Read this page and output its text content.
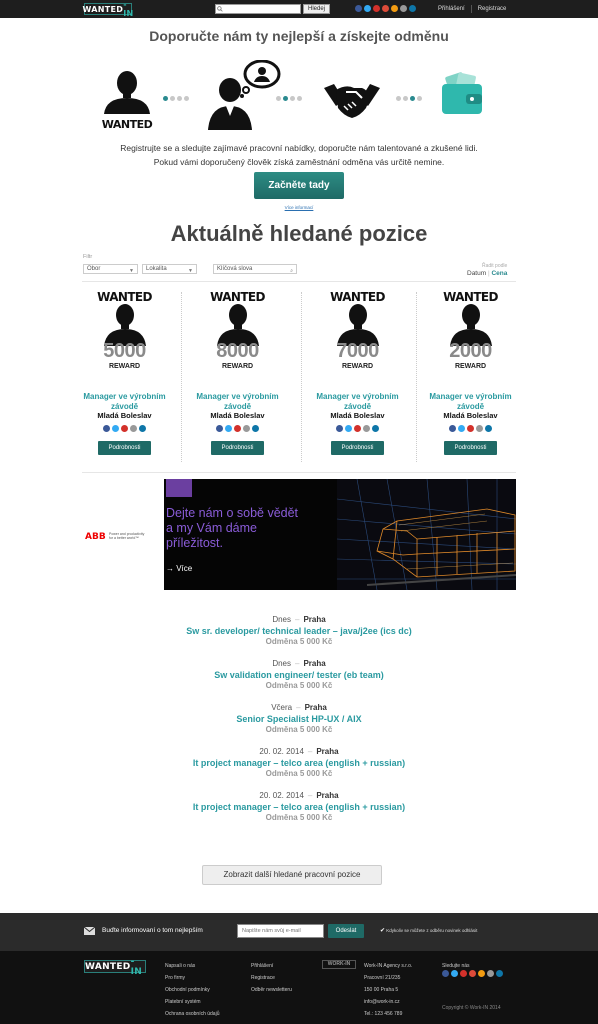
WANTED -IN	Hledej	Přihlášení Registrace
Doporučte nám ty nejlepší a získejte odměnu
WANTED
Registrujte se a sledujte zajímavé pracovní nabídky, doporučte nám talentované a zkušené lidi.
Pokud vámi doporučený člověk získá zaměstnání odměna vás určitě nemine.
Začněte tady
Více informací
Aktuálně hledané pozice
Filtr
Obor	▼	Lokalita	▼	Klíčová slova	⌕
Řadit podle
Datum | Cena
WANTED
5000
REWARD
Manager ve výrobním závodě
Mladá Boleslav
Podrobnosti
WANTED
8000
REWARD
Manager ve výrobním závodě
Mladá Boleslav
Podrobnosti
WANTED
7000
REWARD
Manager ve výrobním závodě
Mladá Boleslav
Podrobnosti
WANTED
2000
REWARD
Manager ve výrobním závodě
Mladá Boleslav
Podrobnosti
ABB Power and productivity for a better world™
Dejte nám o sobě vědět
a my Vám dáme
příležitost.
→ Více
Dnes – Praha
Sw sr. developer/ technical leader – java/j2ee (ics dc)
Odměna 5 000 Kč
Dnes – Praha
Sw validation engineer/ tester (eb team)
Odměna 5 000 Kč
Včera – Praha
Senior Specialist HP-UX / AIX
Odměna 5 000 Kč
20. 02. 2014 – Praha
It project manager – telco area (english + russian)
Odměna 5 000 Kč
20. 02. 2014 – Praha
It project manager – telco area (english + russian)
Odměna 5 000 Kč
Zobrazit další hledané pracovní pozice
Buďte informovaní o tom nejlepším
Napište nám svůj e-mail	Odeslat	✔ Kdykoliv se můžete z odběru novinek odhlásit
WANTED -IN
Napsali o nás
Pro firmy
Obchodní podmínky
Platební systém
Ochrana osobních údajů
Přihlášení
Registrace
Odběr newsletteru
WORK-IN	Work-IN Agency s.r.o.
Pracovní 21/235
150 00 Praha 5
info@work-in.cz
Tel.: 123 456 789
Sledujte nás
Copyright © Work-IN 2014
